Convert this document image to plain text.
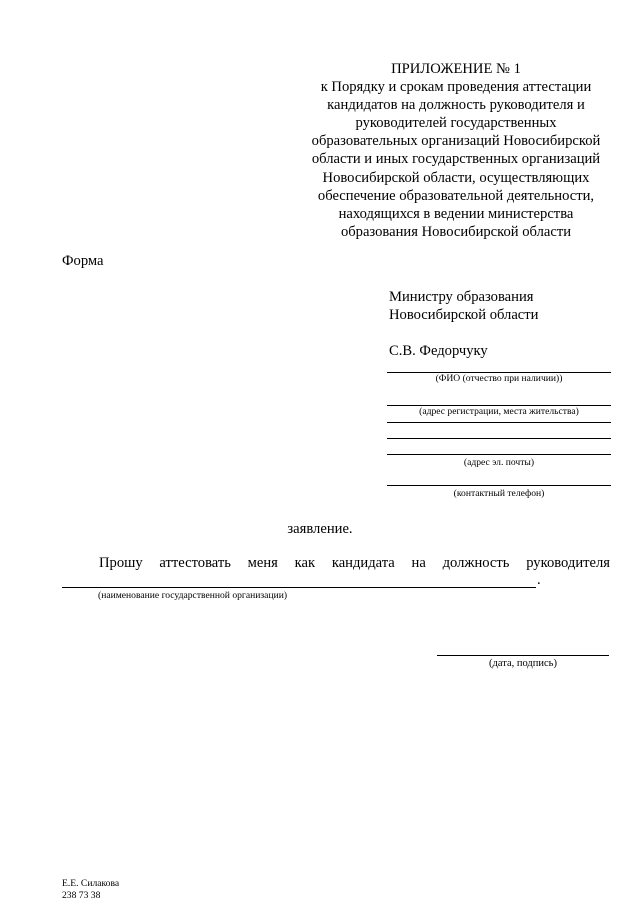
ПРИЛОЖЕНИЕ № 1
к Порядку и срокам проведения аттестации
кандидатов на должность руководителя и
руководителей государственных
образовательных организаций Новосибирской
области и иных государственных организаций
Новосибирской области, осуществляющих
обеспечение образовательной деятельности,
находящихся в ведении министерства
образования Новосибирской области
Форма
Министру образования
Новосибирской области
С.В. Федорчуку
(ФИО (отчество при наличии))
(адрес регистрации, места жительства)
(адрес эл. почты)
(контактный телефон)
заявление.
Прошу аттестовать меня как кандидата на должность руководителя
.
(наименование государственной организации)
(дата, подпись)
Е.Е. Силакова
238 73 38
